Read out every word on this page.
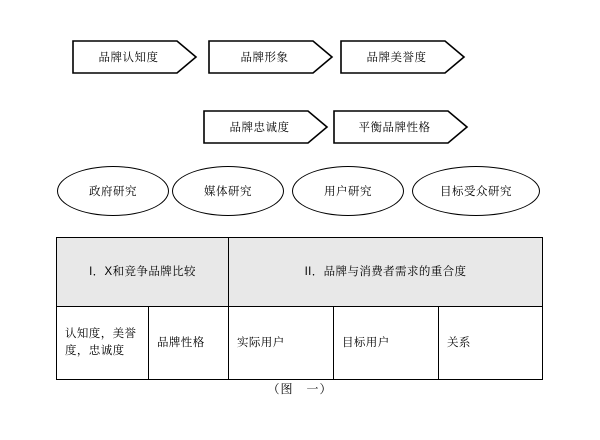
品牌认知度	品牌形象	品牌美誉度
品牌忠诚度	平衡品牌性格
政府研究	媒体研究	用户研究	目标受众研究
I．X和竞争品牌比较		II．品牌与消费者需求的重合度		
认知度，美誉度，忠诚度	品牌性格	实际用户	目标用户	关系
（图　一）
